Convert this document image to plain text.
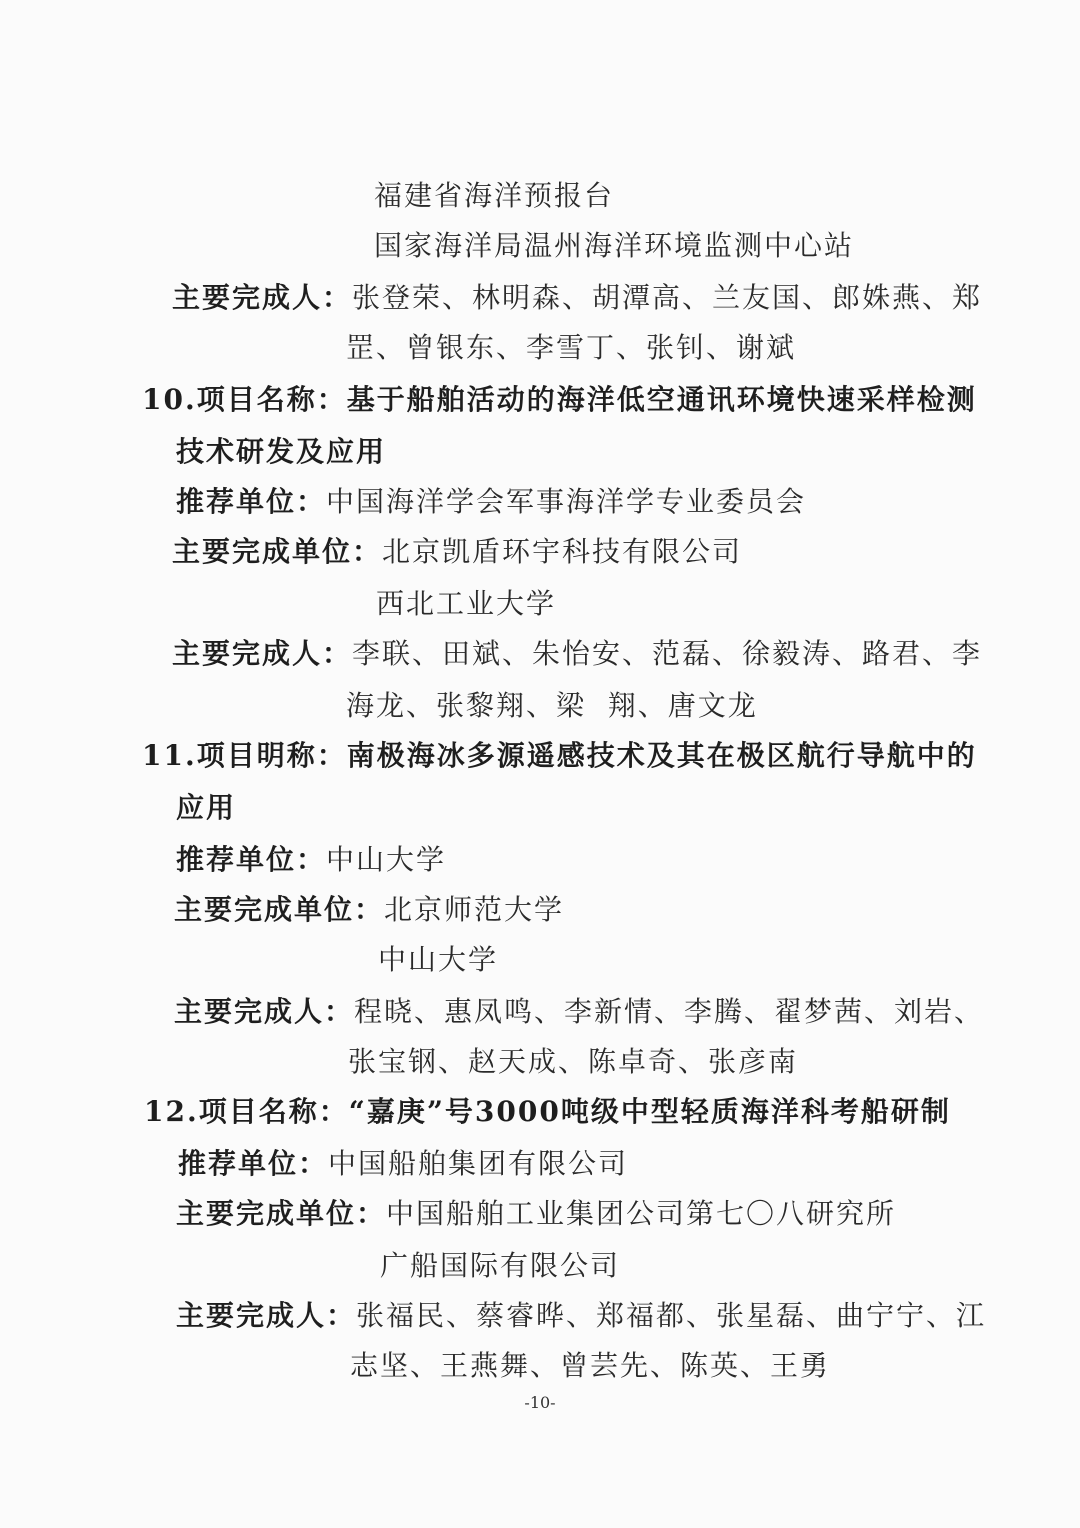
福建省海洋预报台
国家海洋局温州海洋环境监测中心站
主要完成人：张登荣、林明森、胡潭高、兰友国、郎姝燕、郑
罡、曾银东、李雪丁、张钊、谢斌
10.项目名称：基于船舶活动的海洋低空通讯环境快速采样检测
技术研发及应用
推荐单位：中国海洋学会军事海洋学专业委员会
主要完成单位：北京凯盾环宇科技有限公司
西北工业大学
主要完成人：李联、田斌、朱怡安、范磊、徐毅涛、路君、李
海龙、张黎翔、梁  翔、唐文龙
11.项目明称：南极海冰多源遥感技术及其在极区航行导航中的
应用
推荐单位：中山大学
主要完成单位：北京师范大学
中山大学
主要完成人：程晓、惠凤鸣、李新情、李腾、翟梦茜、刘岩、
张宝钢、赵天成、陈卓奇、张彦南
12.项目名称：“嘉庚”号3000吨级中型轻质海洋科考船研制
推荐单位：中国船舶集团有限公司
主要完成单位：中国船舶工业集团公司第七〇八研究所
广船国际有限公司
主要完成人：张福民、蔡睿晔、郑福都、张星磊、曲宁宁、江
志坚、王燕舞、曾芸先、陈英、王勇
-10-
